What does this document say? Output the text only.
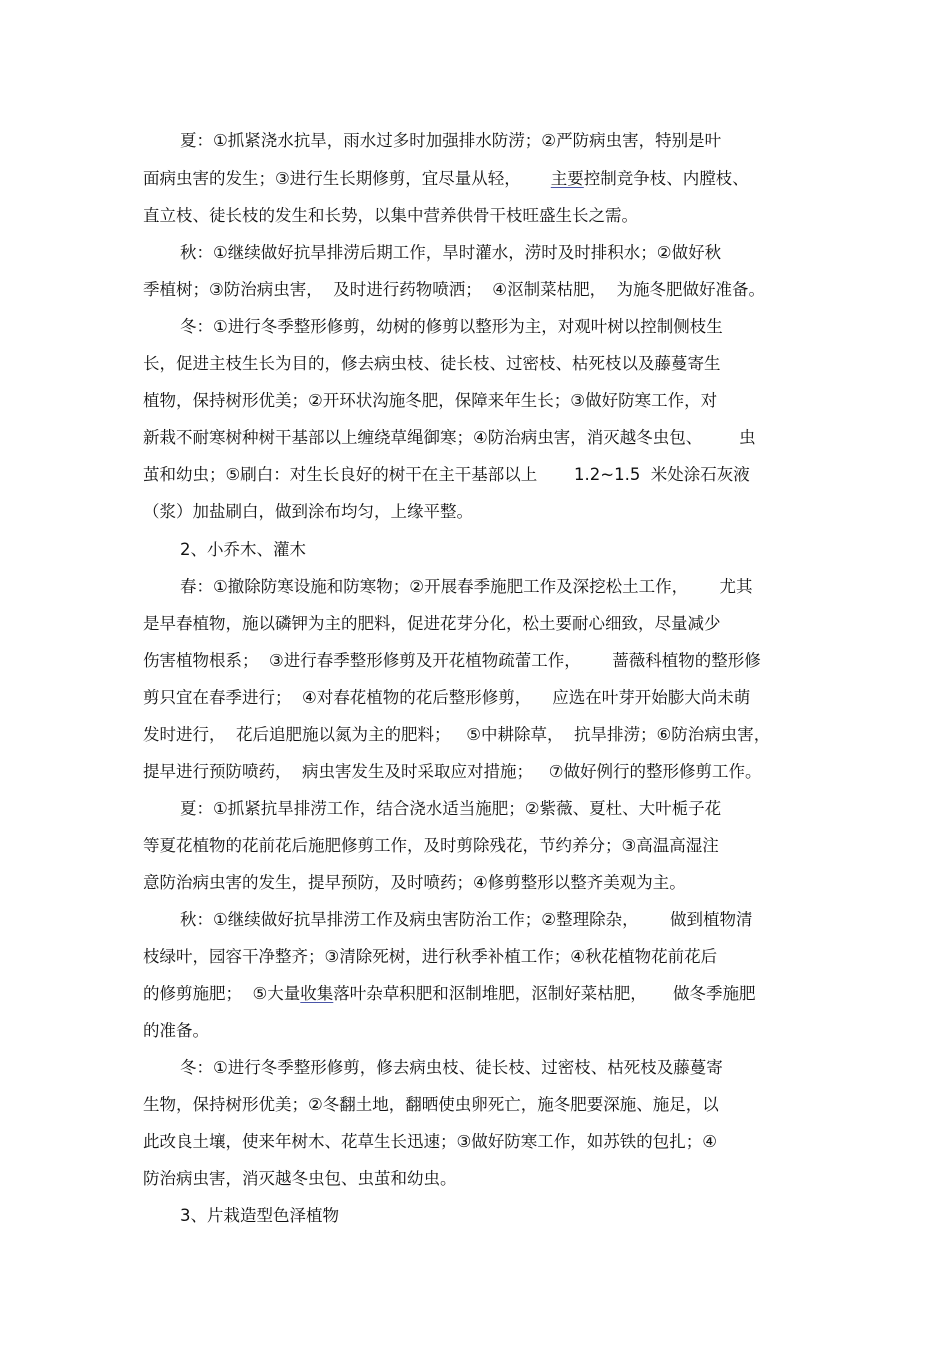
夏：①抓紧浇水抗旱，雨水过多时加强排水防涝；②严防病虫害，特别是叶
面病虫害的发生；③进行生长期修剪，宜尽量从轻， 主要控制竞争枝、内膛枝、
直立枝、徒长枝的发生和长势，以集中营养供骨干枝旺盛生长之需。
秋：①继续做好抗旱排涝后期工作，旱时灌水，涝时及时排积水；②做好秋
季植树；③防治病虫害，  及时进行药物喷洒；  ④沤制菜枯肥，  为施冬肥做好准备。
冬：①进行冬季整形修剪，幼树的修剪以整形为主，对观叶树以控制侧枝生
长，促进主枝生长为目的，修去病虫枝、徒长枝、过密枝、枯死枝以及藤蔓寄生
植物，保持树形优美；②开环状沟施冬肥，保障来年生长；③做好防寒工作，对
新栽不耐寒树种树干基部以上缠绕草绳御寒；④防治病虫害，消灭越冬虫包、       虫
茧和幼虫；⑤刷白：对生长良好的树干在主干基部以上       1.2~1.5  米处涂石灰液
（浆）加盐刷白，做到涂布均匀，上缘平整。
2、小乔木、灌木
春：①撤除防寒设施和防寒物；②开展春季施肥工作及深挖松土工作，      尤其
是早春植物，施以磷钾为主的肥料，促进花芽分化，松土要耐心细致，尽量减少
伤害植物根系；  ③进行春季整形修剪及开花植物疏蕾工作，      蔷薇科植物的整形修
剪只宜在春季进行；  ④对春花植物的花后整形修剪，    应选在叶芽开始膨大尚未萌
发时进行，  花后追肥施以氮为主的肥料；   ⑤中耕除草，  抗旱排涝；⑥防治病虫害，
提早进行预防喷药，  病虫害发生及时采取应对措施；   ⑦做好例行的整形修剪工作。
夏：①抓紧抗旱排涝工作，结合浇水适当施肥；②紫薇、夏杜、大叶栀子花
等夏花植物的花前花后施肥修剪工作，及时剪除残花，节约养分；③高温高湿注
意防治病虫害的发生，提早预防，及时喷药；④修剪整形以整齐美观为主。
秋：①继续做好抗旱排涝工作及病虫害防治工作；②整理除杂，      做到植物清
枝绿叶，园容干净整齐；③清除死树，进行秋季补植工作；④秋花植物花前花后
的修剪施肥；  ⑤大量收集落叶杂草积肥和沤制堆肥，沤制好菜枯肥，     做冬季施肥
的准备。
冬：①进行冬季整形修剪，修去病虫枝、徒长枝、过密枝、枯死枝及藤蔓寄
生物，保持树形优美；②冬翻土地，翻晒使虫卵死亡，施冬肥要深施、施足，以
此改良土壤，使来年树木、花草生长迅速；③做好防寒工作，如苏铁的包扎；④
防治病虫害，消灭越冬虫包、虫茧和幼虫。
3、片栽造型色泽植物
